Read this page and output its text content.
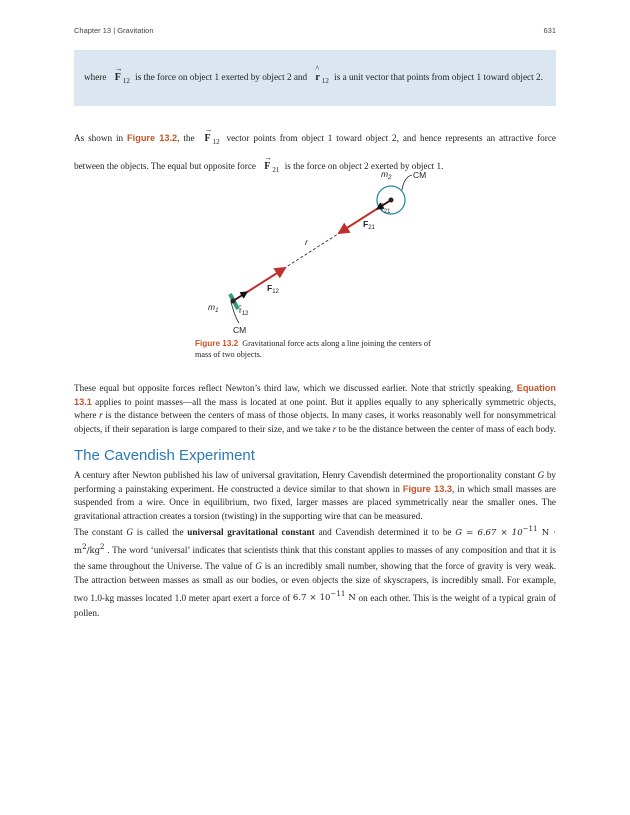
Chapter 13 | Gravitation	631

where
→
F $_{12}$ is the force on object 1 exerted by object 2 and
^
r $_{12}$ is a unit vector that points from object 1 toward object 2.

As shown in Figure 13.2, the
→
F $_{12}$ vector points from object 1 toward object 2, and hence represents an attractive force between the objects. The equal but opposite force
→
F $_{21}$ is the force on object 2 exerted by object 1.
$m_2$	CM
$r̂_{21}$
$F_{21}$
r
$F_{12}$
$m_1$ $r̂_{12}$
CM
Figure 13.2 Gravitational force acts along a line joining the centers of mass of two objects.
These equal but opposite forces reflect Newton’s third law, which we discussed earlier. Note that strictly speaking, Equation 13.1 applies to point masses—all the mass is located at one point. But it applies equally to any spherically symmetric objects, where r is the distance between the centers of mass of those objects. In many cases, it works reasonably well for nonsymmetrical objects, if their separation is large compared to their size, and we take r to be the distance between the center of mass of each body.
The Cavendish Experiment
A century after Newton published his law of universal gravitation, Henry Cavendish determined the proportionality constant G by performing a painstaking experiment. He constructed a device similar to that shown in Figure 13.3, in which small masses are suspended from a wire. Once in equilibrium, two fixed, larger masses are placed symmetrically near the smaller ones. The gravitational attraction creates a torsion (twisting) in the supporting wire that can be measured.
The constant G is called the universal gravitational constant and Cavendish determined it to be $G = 6.67 \times 10^{-11}$ $N \cdot m^2/kg^2$ . The word ‘universal’ indicates that scientists think that this constant applies to masses of any composition and that it is the same throughout the Universe. The value of G is an incredibly small number, showing that the force of gravity is very weak. The attraction between masses as small as our bodies, or even objects the size of skyscrapers, is incredibly small. For example, two 1.0-kg masses located 1.0 meter apart exert a force of $6.7 \times 10^{-11}$ N on each other. This is the weight of a typical grain of pollen.
